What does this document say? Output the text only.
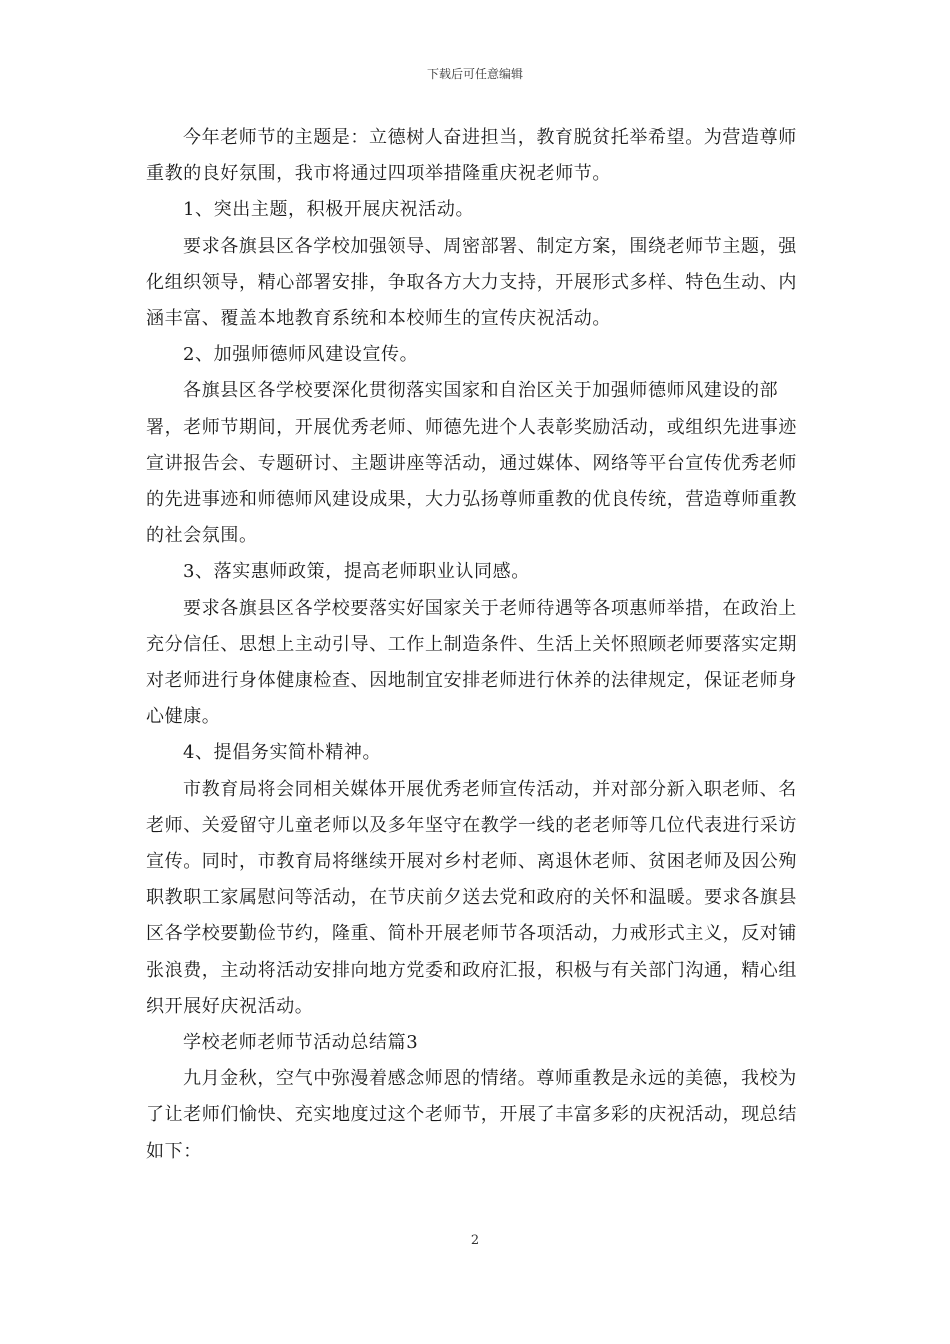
下载后可任意编辑

今年老师节的主题是：立德树人奋进担当，教育脱贫托举希望。为营造尊师重教的良好氛围，我市将通过四项举措隆重庆祝老师节。

1、突出主题，积极开展庆祝活动。

要求各旗县区各学校加强领导、周密部署、制定方案，围绕老师节主题，强化组织领导，精心部署安排，争取各方大力支持，开展形式多样、特色生动、内涵丰富、覆盖本地教育系统和本校师生的宣传庆祝活动。

2、加强师德师风建设宣传。

各旗县区各学校要深化贯彻落实国家和自治区关于加强师德师风建设的部署，老师节期间，开展优秀老师、师德先进个人表彰奖励活动，或组织先进事迹宣讲报告会、专题研讨、主题讲座等活动，通过媒体、网络等平台宣传优秀老师的先进事迹和师德师风建设成果，大力弘扬尊师重教的优良传统，营造尊师重教的社会氛围。

3、落实惠师政策，提高老师职业认同感。

要求各旗县区各学校要落实好国家关于老师待遇等各项惠师举措，在政治上充分信任、思想上主动引导、工作上制造条件、生活上关怀照顾老师要落实定期对老师进行身体健康检查、因地制宜安排老师进行休养的法律规定，保证老师身心健康。

4、提倡务实简朴精神。

市教育局将会同相关媒体开展优秀老师宣传活动，并对部分新入职老师、名老师、关爱留守儿童老师以及多年坚守在教学一线的老老师等几位代表进行采访宣传。同时，市教育局将继续开展对乡村老师、离退休老师、贫困老师及因公殉职教职工家属慰问等活动，在节庆前夕送去党和政府的关怀和温暖。要求各旗县区各学校要勤俭节约，隆重、简朴开展老师节各项活动，力戒形式主义，反对铺张浪费，主动将活动安排向地方党委和政府汇报，积极与有关部门沟通，精心组织开展好庆祝活动。

学校老师老师节活动总结篇3

九月金秋，空气中弥漫着感念师恩的情绪。尊师重教是永远的美德，我校为了让老师们愉快、充实地度过这个老师节，开展了丰富多彩的庆祝活动，现总结如下：

2
